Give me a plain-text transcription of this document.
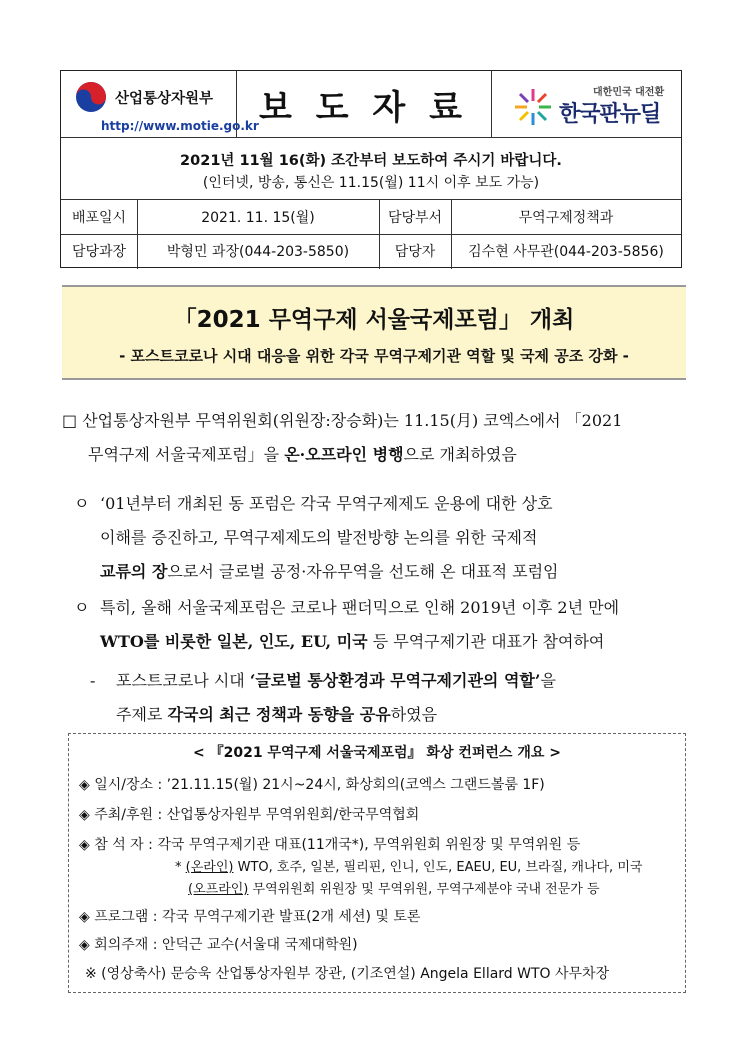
산업통상자원부
http://www.motie.go.kr 보 도 자 료	대한민국 대전환
한국판뉴딜
2021년 11월 16(화) 조간부터 보도하여 주시기 바랍니다.
(인터넷, 방송, 통신은 11.15(월) 11시 이후 보도 가능)
배포일시	2021. 11. 15(월)	담당부서	무역구제정책과
담당과장	박형민 과장(044-203-5850)	담당자	김수현 사무관(044-203-5856)
「2021 무역구제 서울국제포럼」 개최
- 포스트코로나 시대 대응을 위한 각국 무역구제기관 역할 및 국제 공조 강화 -
□ 산업통상자원부 무역위원회(위원장:장승화)는 11.15(月) 코엑스에서 「2021
무역구제 서울국제포럼」을 온·오프라인 병행으로 개최하였음
ㅇ ‘01년부터 개최된 동 포럼은 각국 무역구제제도 운용에 대한 상호
이해를 증진하고, 무역구제제도의 발전방향 논의를 위한 국제적
교류의 장으로서 글로벌 공정·자유무역을 선도해 온 대표적 포럼임
ㅇ 특히, 올해 서울국제포럼은 코로나 팬더믹으로 인해 2019년 이후 2년 만에
WTO를 비롯한 일본, 인도, EU, 미국 등 무역구제기관 대표가 참여하여
- 포스트코로나 시대 ‘글로벌 통상환경과 무역구제기관의 역할’을
주제로 각국의 최근 정책과 동향을 공유하였음
< 『2021 무역구제 서울국제포럼』 화상 컨퍼런스 개요 >
◈ 일시/장소 : ’21.11.15(월) 21시~24시, 화상회의(코엑스 그랜드볼룸 1F)
◈ 주최/후원 : 산업통상자원부 무역위원회/한국무역협회
◈ 참 석 자 : 각국 무역구제기관 대표(11개국*), 무역위원회 위원장 및 무역위원 등
* (온라인) WTO, 호주, 일본, 필리핀, 인니, 인도, EAEU, EU, 브라질, 캐나다, 미국
(오프라인) 무역위원회 위원장 및 무역위원, 무역구제분야 국내 전문가 등
◈ 프로그램 : 각국 무역구제기관 발표(2개 세션) 및 토론
◈ 회의주재 : 안덕근 교수(서울대 국제대학원)
※ (영상축사) 문승욱 산업통상자원부 장관, (기조연설) Angela Ellard WTO 사무차장
